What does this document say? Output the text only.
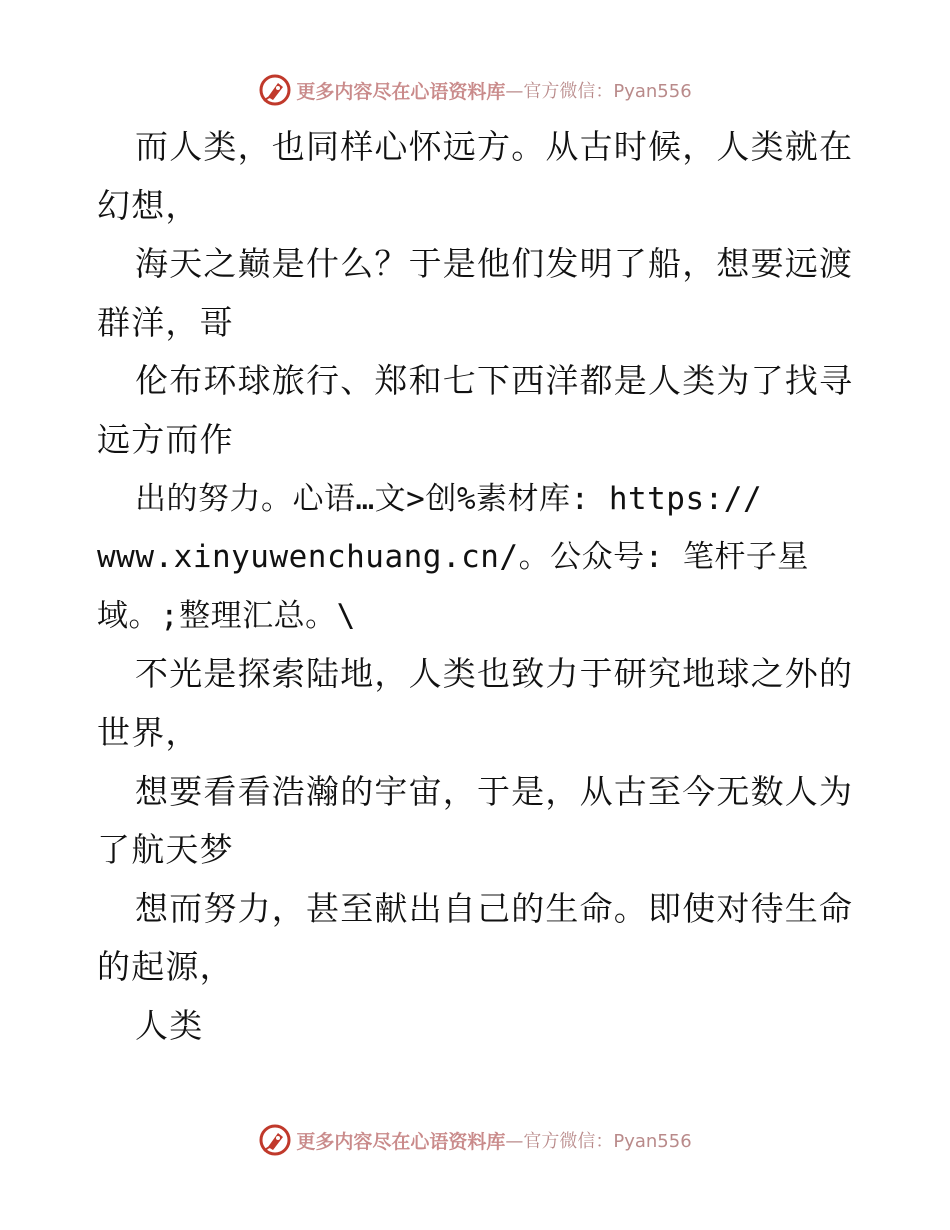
更多内容尽在心语资料库 —官方微信：Pyan556
而人类，也同样心怀远方。从古时候，人类就在
幻想，
海天之巅是什么？于是他们发明了船，想要远渡
群洋，哥
伦布环球旅行、郑和七下西洋都是人类为了找寻
远方而作
出的努力。心语…文>创%素材库: https://
www.xinyuwenchuang.cn/。公众号: 笔杆子星
域。;整理汇总。\
不光是探索陆地，人类也致力于研究地球之外的
世界，
想要看看浩瀚的宇宙，于是，从古至今无数人为
了航天梦
想而努力，甚至献出自己的生命。即使对待生命
的起源，
人类
更多内容尽在心语资料库 —官方微信：Pyan556
